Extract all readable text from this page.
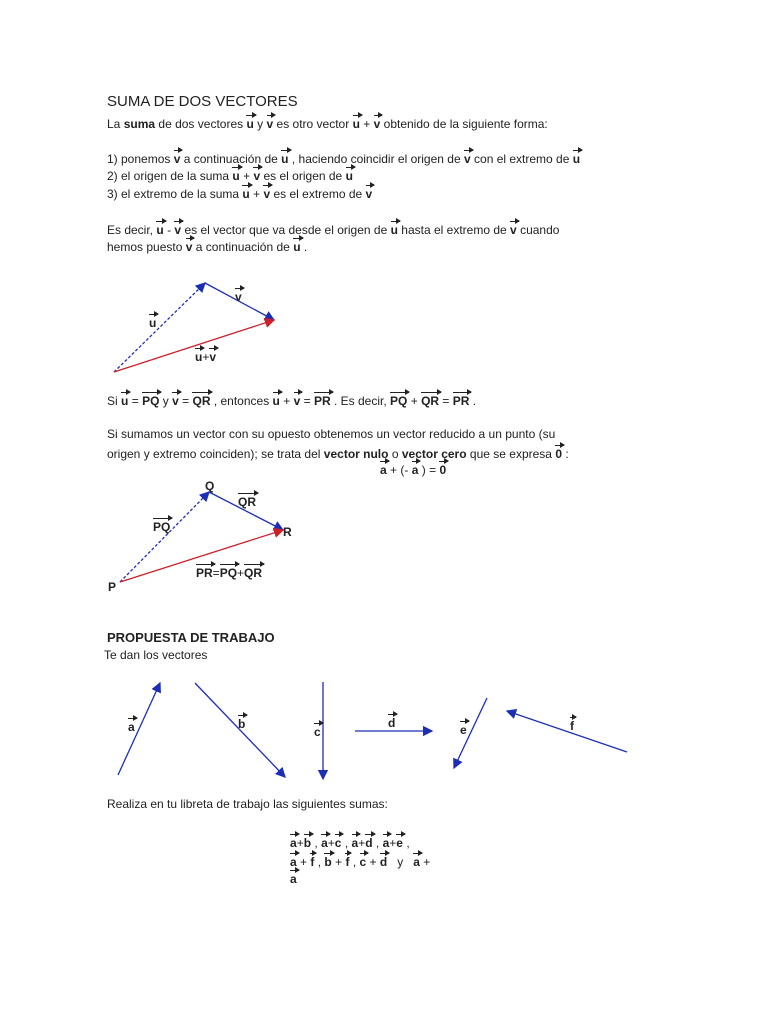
SUMA DE DOS VECTORES
La suma de dos vectores u y v es otro vector u + v obtenido de la siguiente forma:
1) ponemos v a continuación de u , haciendo coincidir el origen de v con el extremo de u
2) el origen de la suma u + v es el origen de u
3) el extremo de la suma u + v es el extremo de v
Es decir, u - v es el vector que va desde el origen de u hasta el extremo de v cuando
hemos puesto v a continuación de u .
u
v
u+v
Si u = PQ y v = QR , entonces u + v = PR . Es decir, PQ + QR = PR .
Si sumamos un vector con su opuesto obtenemos un vector reducido a un punto (su
origen y extremo coinciden); se trata del vector nulo o vector cero que se expresa 0 :
a + (- a ) = 0
Q
R
P
PQ
QR
PR=PQ+QR
PROPUESTA DE TRABAJO
Te dan los vectores
a	b
c
d	e	f
Realiza en tu libreta de trabajo las siguientes sumas:
a+b , a+c , a+d , a+e ,
a + f , b + f , c + d y a +
a
